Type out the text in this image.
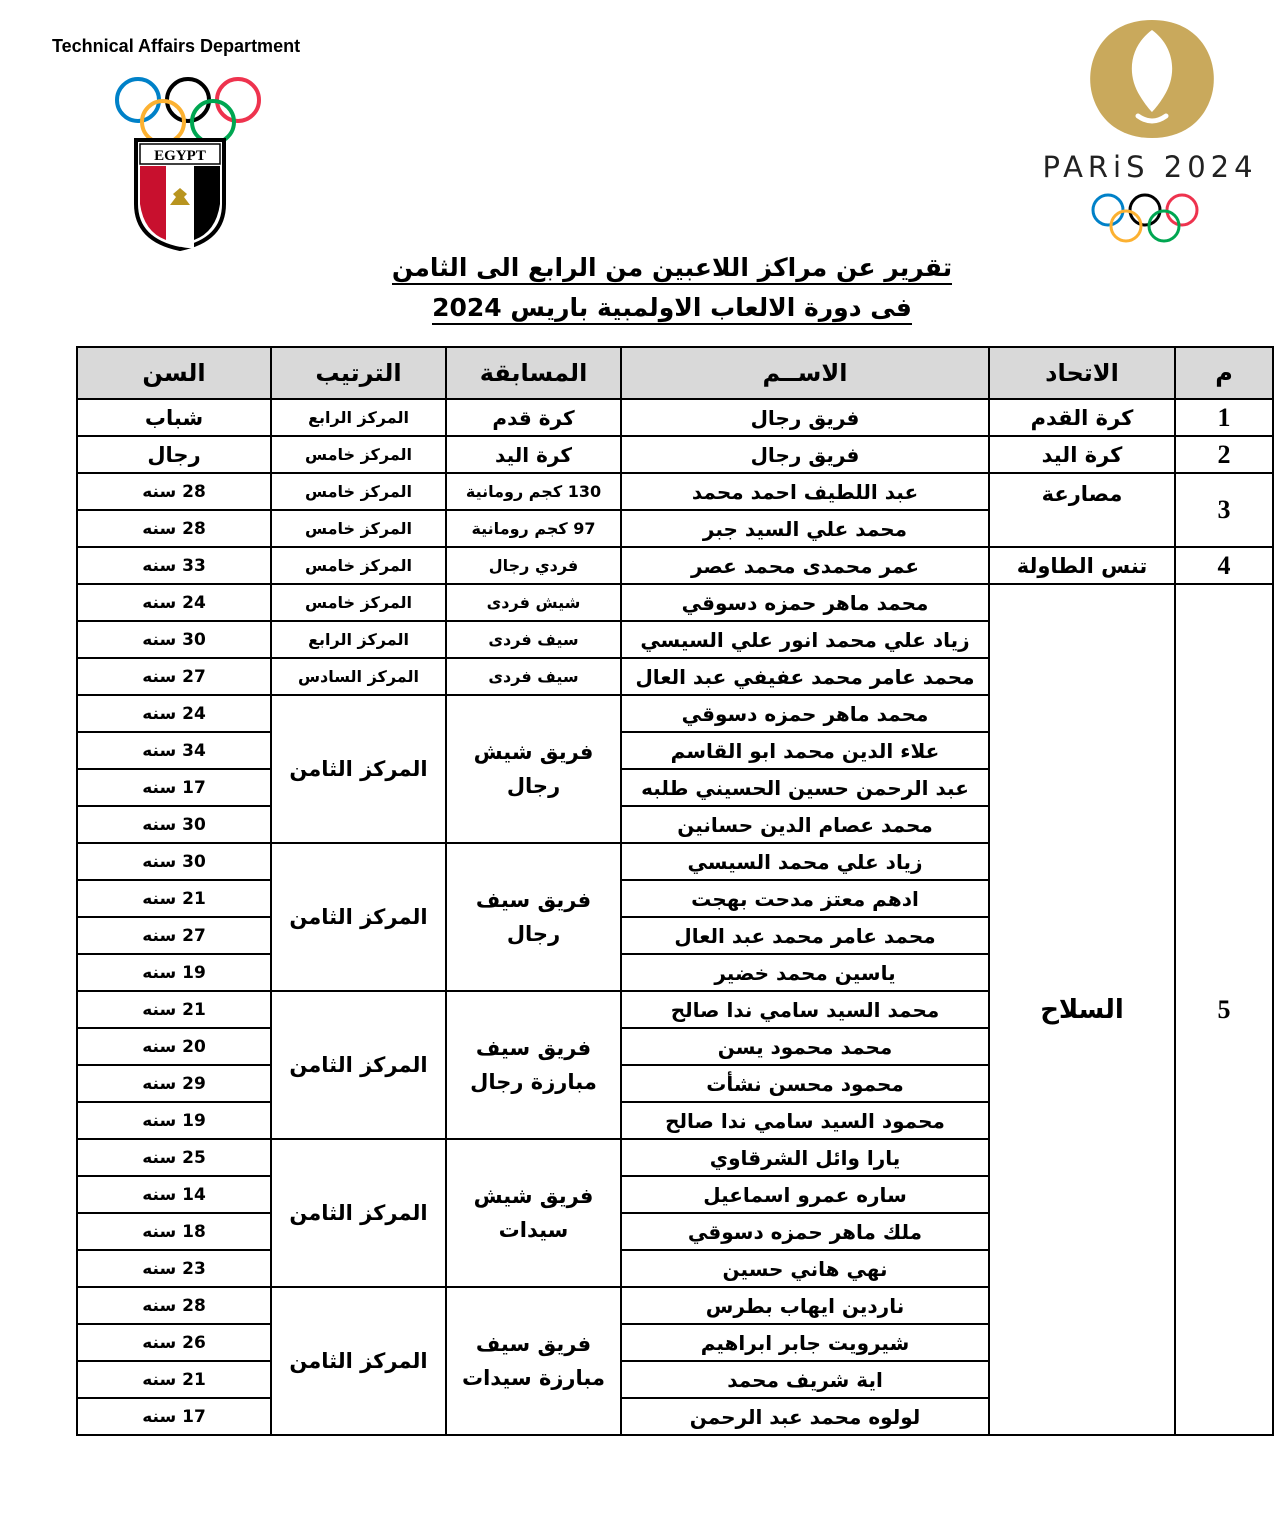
Technical Affairs Department
EGYPT	PARiS 2024
تقرير عن مراكز اللاعبين من الرابع الى الثامن
فى دورة الالعاب الاولمبية باريس 2024
م	الاتحاد	الاســم	المسابقة	الترتيب	السن
1	كرة القدم	فريق رجال	كرة قدم	المركز الرابع	شباب
2	كرة اليد	فريق رجال	كرة اليد	المركز خامس	رجال
3	مصارعة	عبد اللطيف احمد محمد	130 كجم رومانية	المركز خامس	28 سنه
		محمد علي السيد جبر	97 كجم رومانية	المركز خامس	28 سنه
4	تنس الطاولة	عمر محمدى محمد عصر	فردي رجال	المركز خامس	33 سنه
5	السلاح	محمد ماهر حمزه دسوقي	شيش فردى	المركز خامس	24 سنه
		زياد علي محمد انور علي السيسي	سيف فردى	المركز الرابع	30 سنه
		محمد عامر محمد عفيفي عبد العال	سيف فردى	المركز السادس	27 سنه
		محمد ماهر حمزه دسوقي	فريق شيش رجال	المركز الثامن	24 سنه
		علاء الدين محمد ابو القاسم			34 سنه
		عبد الرحمن حسين الحسيني طلبه			17 سنه
		محمد عصام الدين حسانين			30 سنه
		زياد علي محمد السيسي	فريق سيف رجال	المركز الثامن	30 سنه
		ادهم معتز مدحت بهجت			21 سنه
		محمد عامر محمد عبد العال			27 سنه
		ياسين محمد خضير			19 سنه
		محمد السيد سامي ندا صالح	فريق سيف مبارزة رجال	المركز الثامن	21 سنه
		محمد محمود يسن			20 سنه
		محمود محسن نشأت			29 سنه
		محمود السيد سامي ندا صالح			19 سنه
		يارا وائل الشرقاوي	فريق شيش سيدات	المركز الثامن	25 سنه
		ساره عمرو اسماعيل			14 سنه
		ملك ماهر حمزه دسوقي			18 سنه
		نهي هاني حسين			23 سنه
		ناردين ايهاب بطرس	فريق سيف مبارزة سيدات	المركز الثامن	28 سنه
		شيرويت جابر ابراهيم			26 سنه
		اية شريف محمد			21 سنه
		لولوه محمد عبد الرحمن			17 سنه
